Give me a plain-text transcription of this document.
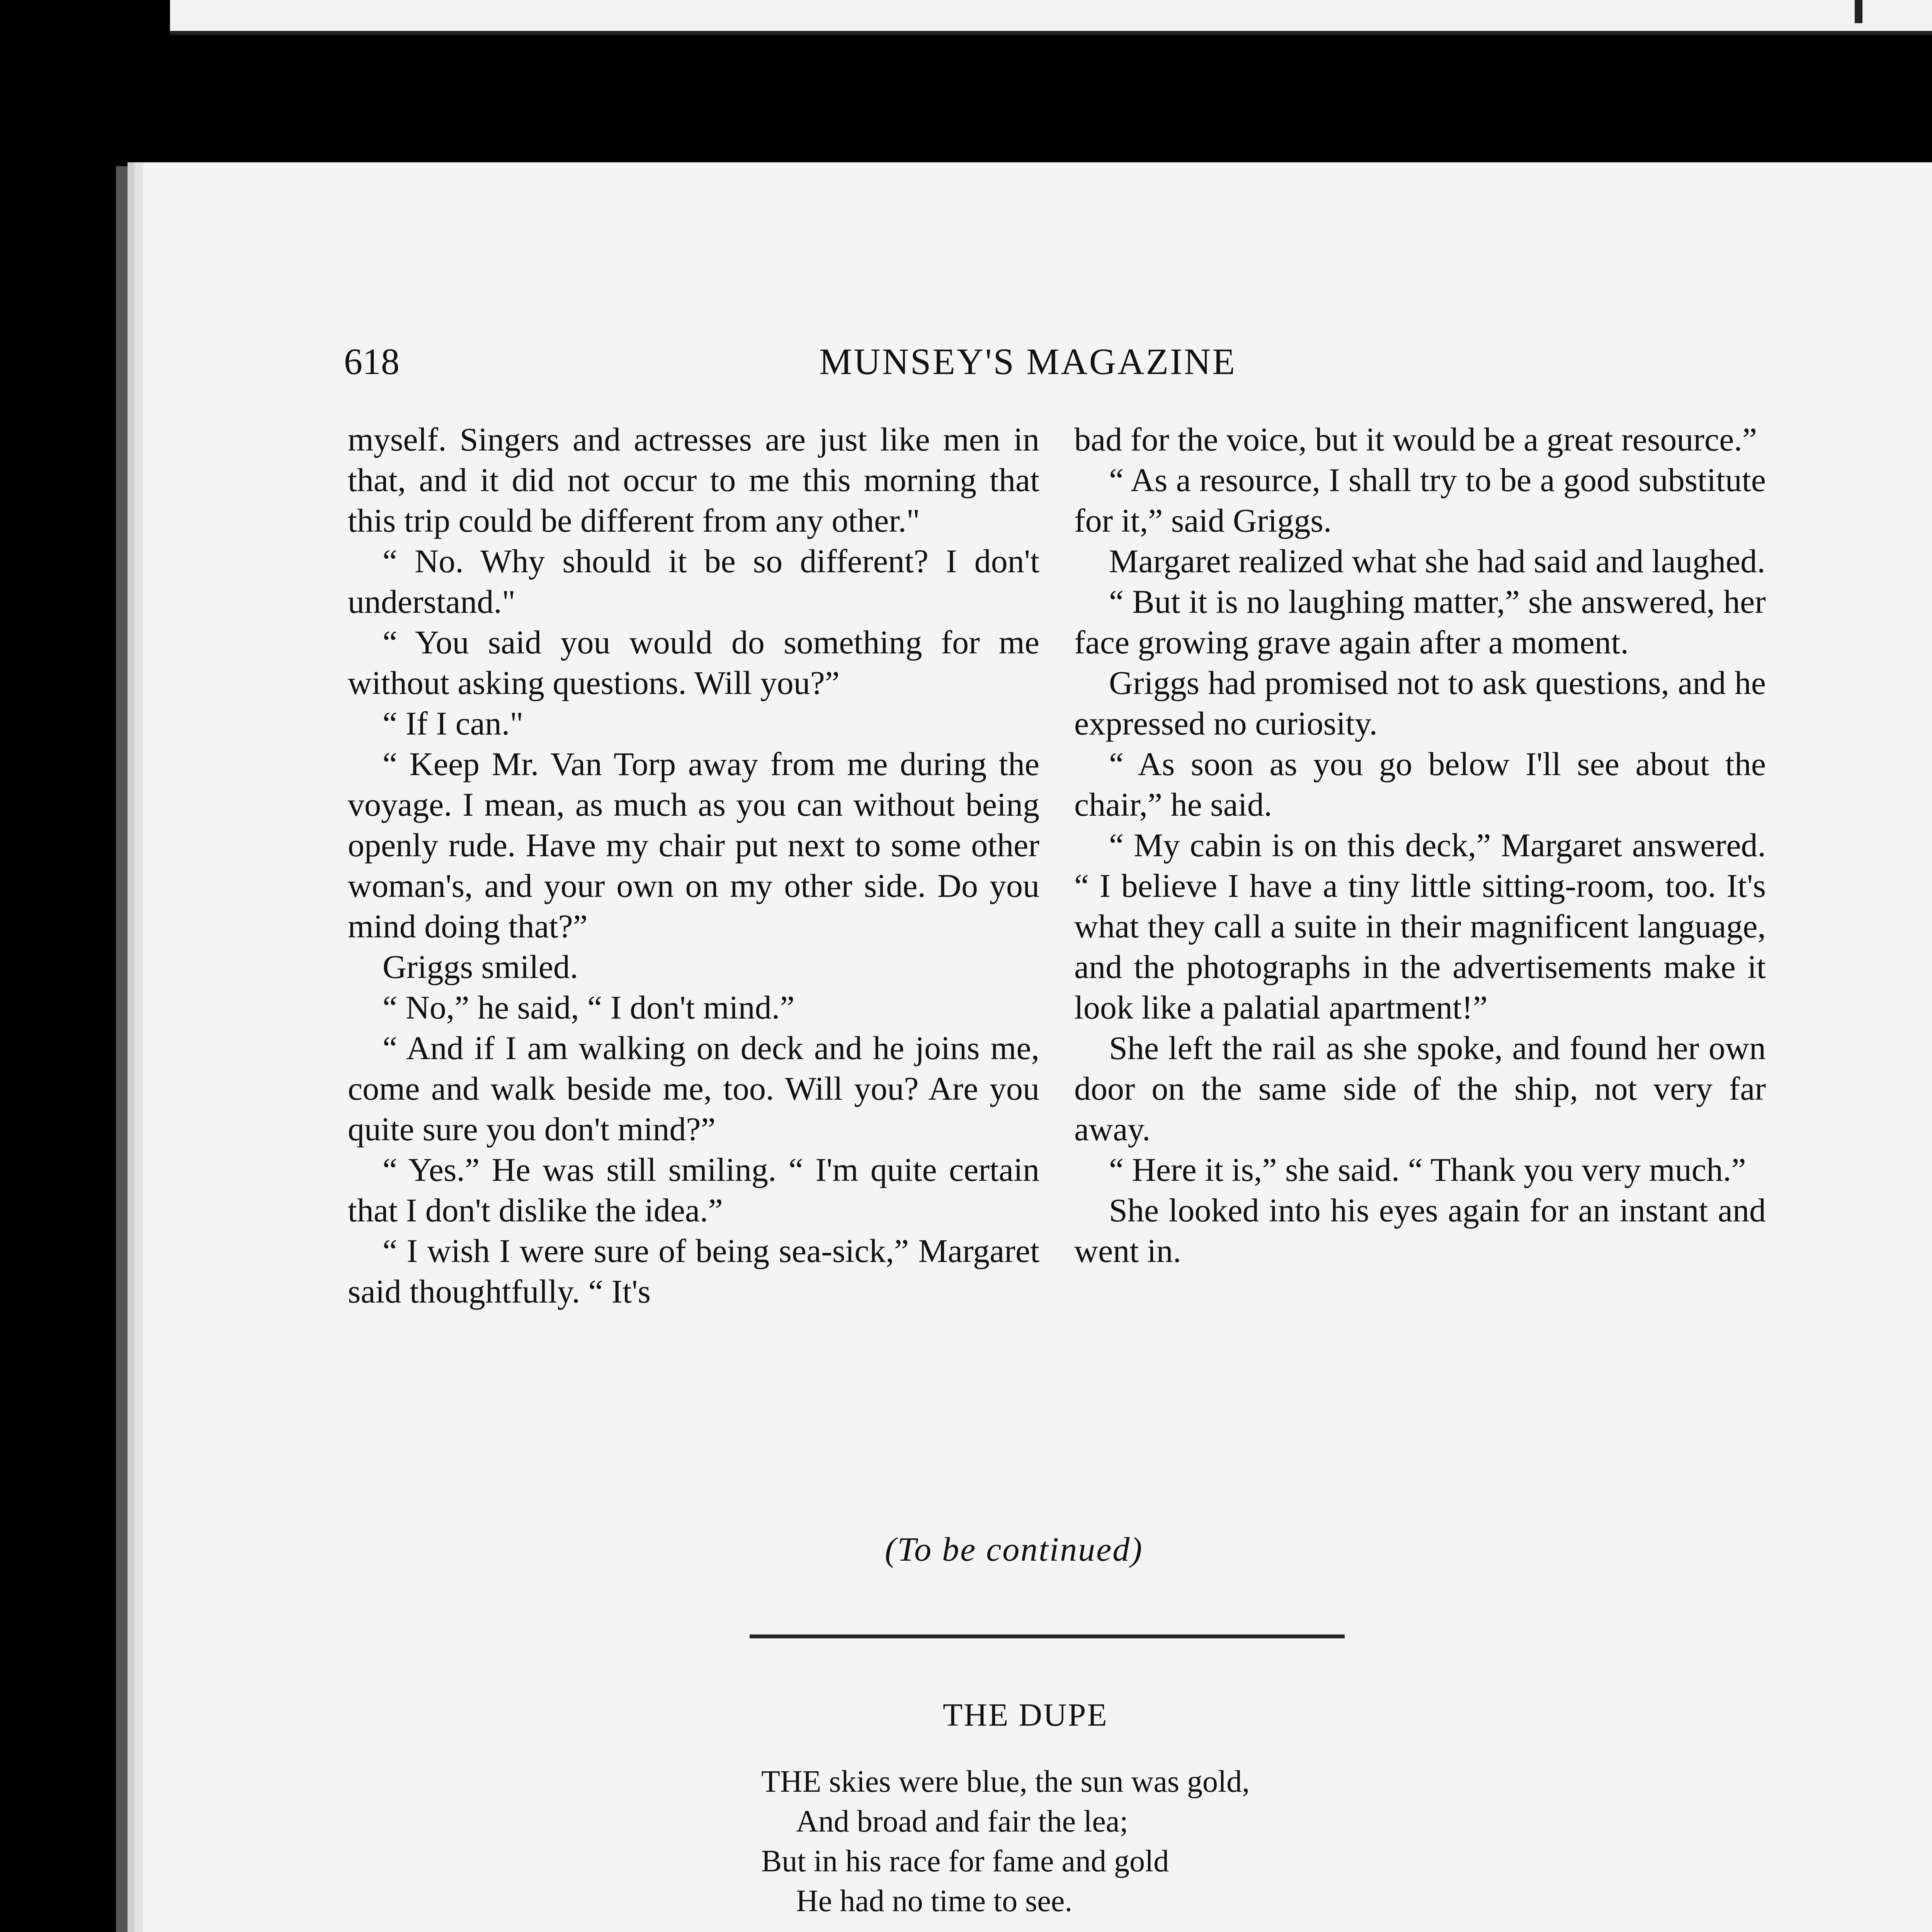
618	MUNSEY'S MAGAZINE

myself. Singers and actresses are just like men in that, and it did not occur to me this morning that this trip could be different from any other."

“ No. Why should it be so different? I don't understand."

“ You said you would do something for me without asking questions. Will you?”

“ If I can."

“ Keep Mr. Van Torp away from me during the voyage. I mean, as much as you can without being openly rude. Have my chair put next to some other woman's, and your own on my other side. Do you mind doing that?”

Griggs smiled.

“ No,” he said, “ I don't mind.”

“ And if I am walking on deck and he joins me, come and walk beside me, too. Will you? Are you quite sure you don't mind?”

“ Yes.” He was still smiling. “ I'm quite certain that I don't dislike the idea.”

“ I wish I were sure of being sea-sick,” Margaret said thoughtfully. “ It's

bad for the voice, but it would be a great resource.”

“ As a resource, I shall try to be a good substitute for it,” said Griggs.

Margaret realized what she had said and laughed.

“ But it is no laughing matter,” she answered, her face growing grave again after a moment.

Griggs had promised not to ask questions, and he expressed no curiosity.

“ As soon as you go below I'll see about the chair,” he said.

“ My cabin is on this deck,” Margaret answered. “ I believe I have a tiny little sitting-room, too. It's what they call a suite in their magnificent language, and the photographs in the advertisements make it look like a palatial apartment!”

She left the rail as she spoke, and found her own door on the same side of the ship, not very far away.

“ Here it is,” she said. “ Thank you very much.”

She looked into his eyes again for an instant and went in.

(To be continued)
THE DUPE
THE skies were blue, the sun was gold,
And broad and fair the lea;
But in his race for fame and gold
He had no time to see.
